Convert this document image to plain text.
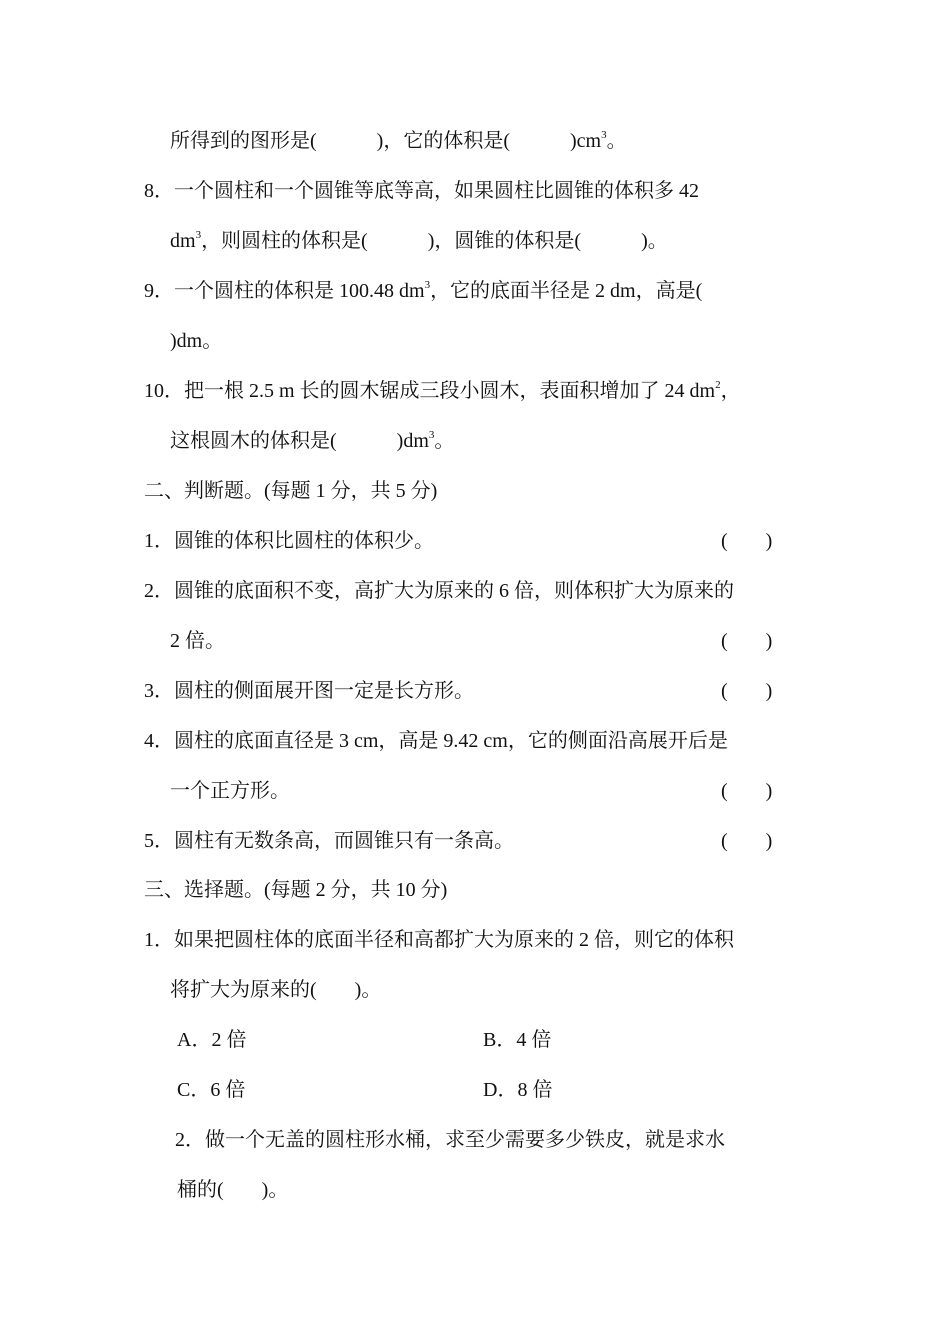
所得到的图形是(	)，它的体积是(	)$cm^3$。
8．一个圆柱和一个圆锥等底等高，如果圆柱比圆锥的体积多 42
$dm^3$，则圆柱的体积是(	)，圆锥的体积是(	)。
9．一个圆柱的体积是 100.48 $dm^3$，它的底面半径是 2 dm，高是(
)dm。
10．把一根 2.5 m 长的圆木锯成三段小圆木，表面积增加了 24 $dm^2$，
这根圆木的体积是(	)$dm^3$。
二、判断题。(每题 1 分，共 5 分)
1．圆锥的体积比圆柱的体积少。	( )
2．圆锥的底面积不变，高扩大为原来的 6 倍，则体积扩大为原来的
2 倍。	( )
3．圆柱的侧面展开图一定是长方形。	( )
4．圆柱的底面直径是 3 cm，高是 9.42 cm，它的侧面沿高展开后是
一个正方形。	( )
5．圆柱有无数条高，而圆锥只有一条高。	( )
三、选择题。(每题 2 分，共 10 分)
1．如果把圆柱体的底面半径和高都扩大为原来的 2 倍，则它的体积
将扩大为原来的( )。
A．2 倍	B．4 倍
C．6 倍	D．8 倍
2．做一个无盖的圆柱形水桶，求至少需要多少铁皮，就是求水
桶的( )。
